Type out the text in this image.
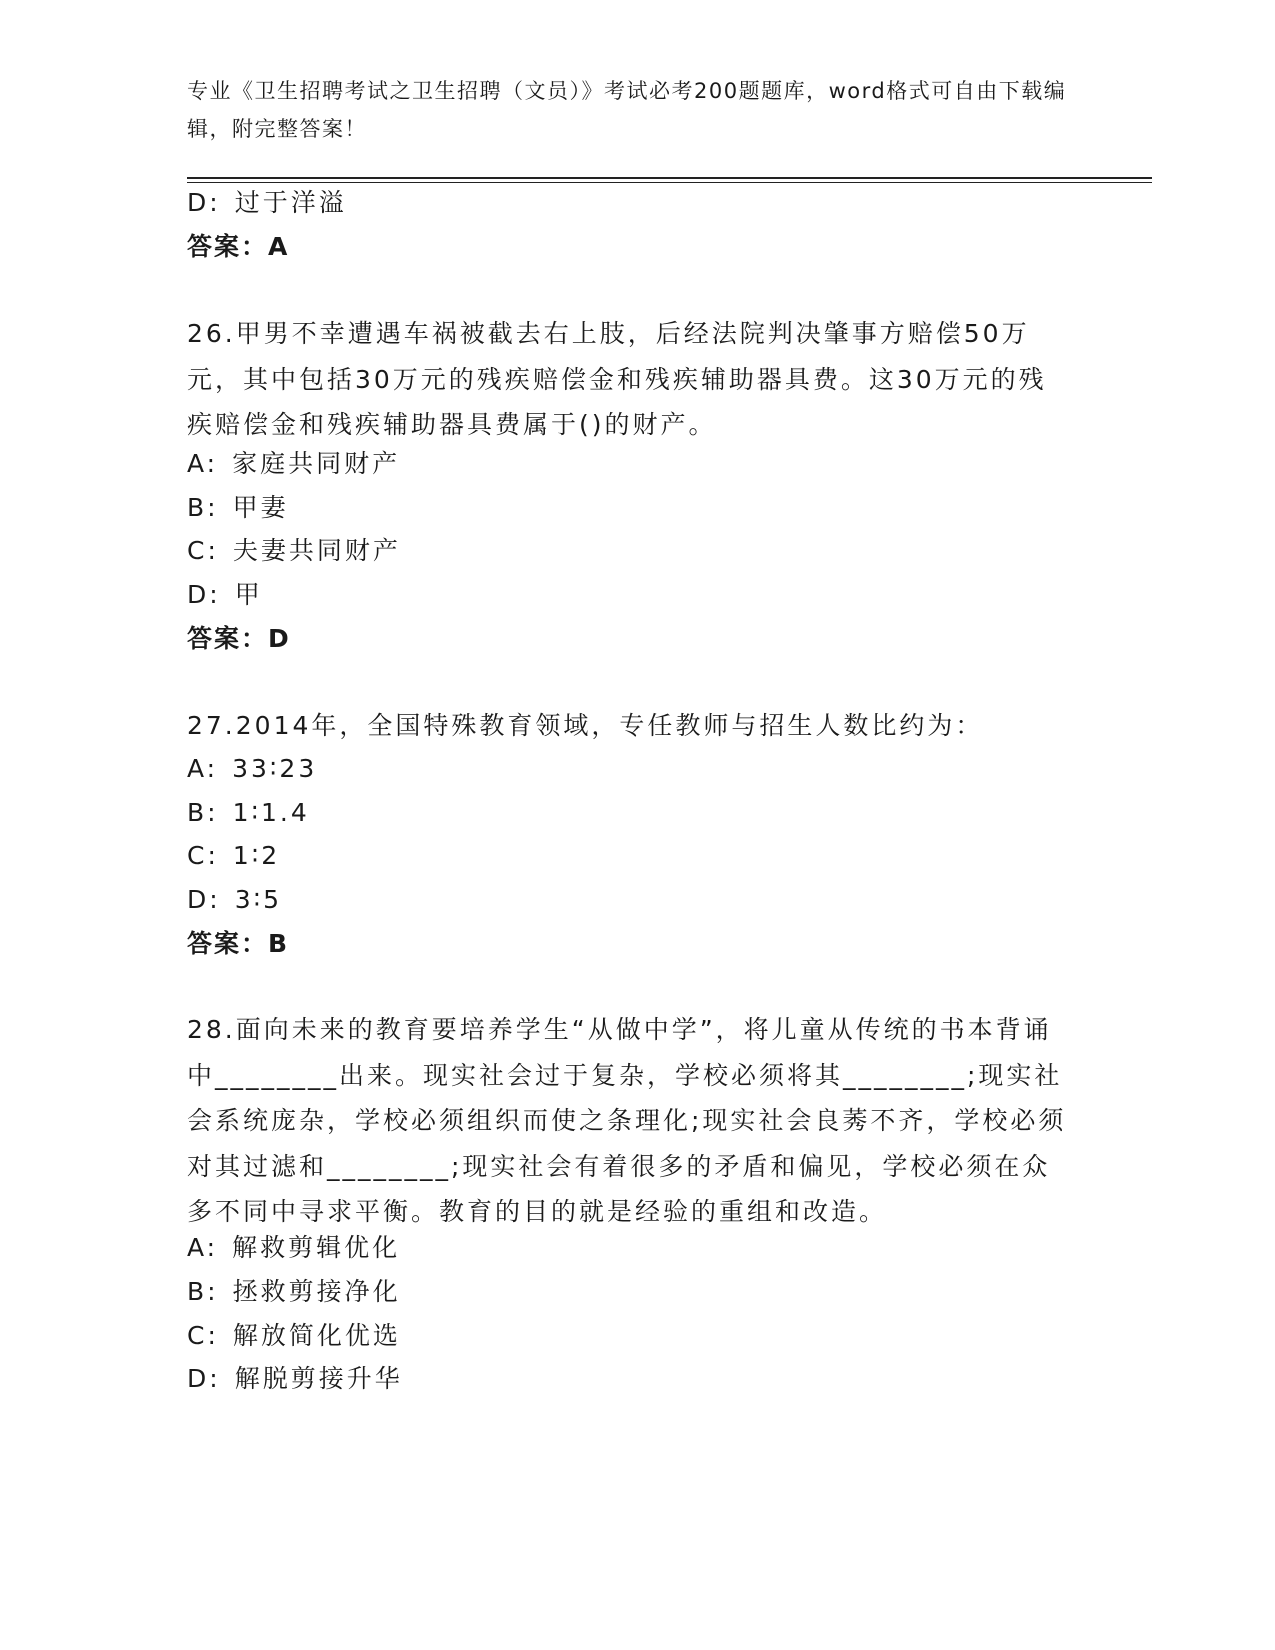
专业《卫生招聘考试之卫生招聘（文员）》考试必考200题题库，word格式可自由下载编辑，附完整答案！
D: 过于洋溢
答案：A
26.甲男不幸遭遇车祸被截去右上肢，后经法院判决肇事方赔偿50万元，其中包括30万元的残疾赔偿金和残疾辅助器具费。这30万元的残疾赔偿金和残疾辅助器具费属于()的财产。
A: 家庭共同财产
B: 甲妻
C: 夫妻共同财产
D: 甲
答案：D
27.2014年，全国特殊教育领域，专任教师与招生人数比约为：
A: 33∶23
B: 1∶1.4
C: 1∶2
D: 3∶5
答案：B
28.面向未来的教育要培养学生“从做中学”，将儿童从传统的书本背诵中________出来。现实社会过于复杂，学校必须将其________;现实社会系统庞杂，学校必须组织而使之条理化;现实社会良莠不齐，学校必须对其过滤和________;现实社会有着很多的矛盾和偏见，学校必须在众多不同中寻求平衡。教育的目的就是经验的重组和改造。
A: 解救剪辑优化
B: 拯救剪接净化
C: 解放简化优选
D: 解脱剪接升华
